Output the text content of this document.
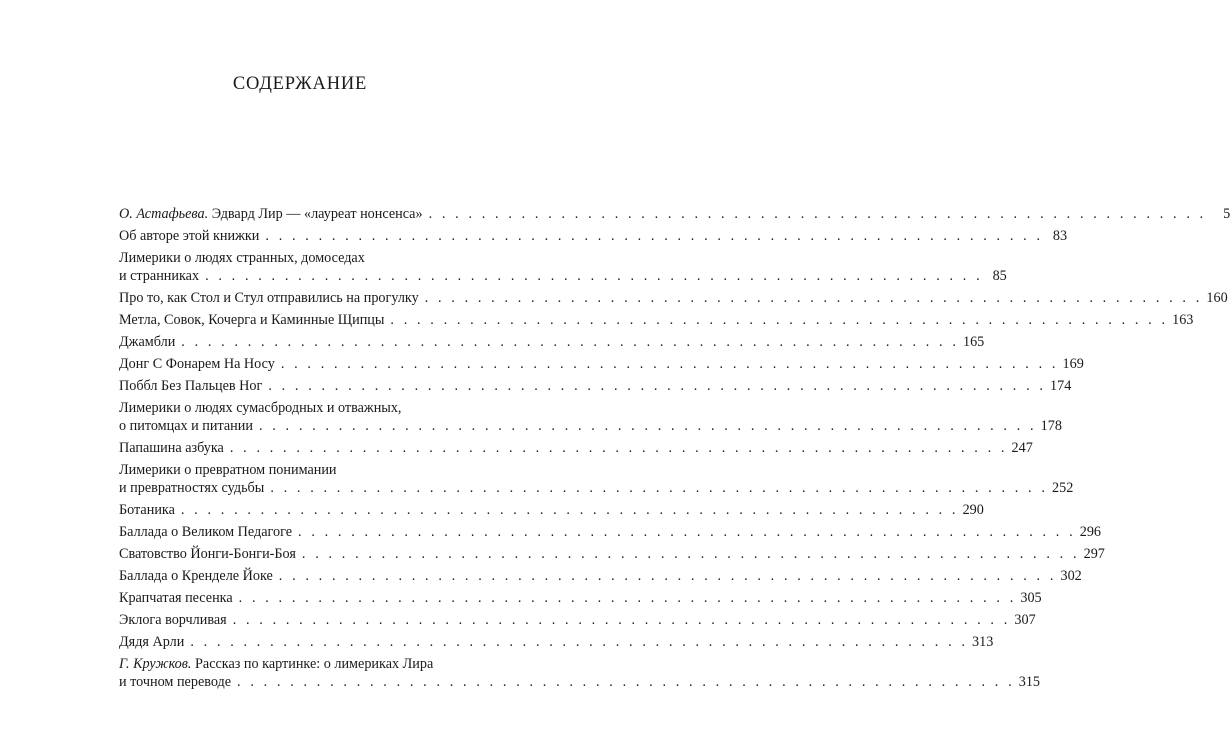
СОДЕРЖАНИЕ
О. Астафьева. Эдвард Лир — «лауреат нонсенса» . . . . . . . . . . . . . . . . . . . . . . . . . . . . . . . . . . . . . . . . . . . . . . . . . . . . . . . . . . .	5
Об авторе этой книжки . . . . . . . . . . . . . . . . . . . . . . . . . . . . . . . . . . . . . . . . . . . . . . . . . . . . . . . . . . . 83
Лимерики о людях странных, домоседах
и странниках . . . . . . . . . . . . . . . . . . . . . . . . . . . . . . . . . . . . . . . . . . . . . . . . . . . . . . . . . . . 85
Про то, как Стол и Стул отправились на прогулку . . . . . . . . . . . . . . . . . . . . . . . . . . . . . . . . . . . . . . . . . . . . . . . . . . . . . . . . . . . 160
Метла, Совок, Кочерга и Каминные Щипцы . . . . . . . . . . . . . . . . . . . . . . . . . . . . . . . . . . . . . . . . . . . . . . . . . . . . . . . . . . . 163
Джамбли . . . . . . . . . . . . . . . . . . . . . . . . . . . . . . . . . . . . . . . . . . . . . . . . . . . . . . . . . . . 165
Донг С Фонарем На Носу . . . . . . . . . . . . . . . . . . . . . . . . . . . . . . . . . . . . . . . . . . . . . . . . . . . . . . . . . . . 169
Поббл Без Пальцев Ног . . . . . . . . . . . . . . . . . . . . . . . . . . . . . . . . . . . . . . . . . . . . . . . . . . . . . . . . . . . 174
Лимерики о людях сумасбродных и отважных,
о питомцах и питании . . . . . . . . . . . . . . . . . . . . . . . . . . . . . . . . . . . . . . . . . . . . . . . . . . . . . . . . . . . 178
Папашина азбука . . . . . . . . . . . . . . . . . . . . . . . . . . . . . . . . . . . . . . . . . . . . . . . . . . . . . . . . . . . 247
Лимерики о превратном понимании
и превратностях судьбы . . . . . . . . . . . . . . . . . . . . . . . . . . . . . . . . . . . . . . . . . . . . . . . . . . . . . . . . . . . 252
Ботаника . . . . . . . . . . . . . . . . . . . . . . . . . . . . . . . . . . . . . . . . . . . . . . . . . . . . . . . . . . . 290
Баллада о Великом Педагоге . . . . . . . . . . . . . . . . . . . . . . . . . . . . . . . . . . . . . . . . . . . . . . . . . . . . . . . . . . . 296
Сватовство Йонги-Бонги-Боя . . . . . . . . . . . . . . . . . . . . . . . . . . . . . . . . . . . . . . . . . . . . . . . . . . . . . . . . . . . 297
Баллада о Кренделе Йоке . . . . . . . . . . . . . . . . . . . . . . . . . . . . . . . . . . . . . . . . . . . . . . . . . . . . . . . . . . . 302
Крапчатая песенка . . . . . . . . . . . . . . . . . . . . . . . . . . . . . . . . . . . . . . . . . . . . . . . . . . . . . . . . . . . 305
Эклога ворчливая . . . . . . . . . . . . . . . . . . . . . . . . . . . . . . . . . . . . . . . . . . . . . . . . . . . . . . . . . . . 307
Дядя Арли . . . . . . . . . . . . . . . . . . . . . . . . . . . . . . . . . . . . . . . . . . . . . . . . . . . . . . . . . . . 313
Г. Кружков. Рассказ по картинке: о лимериках Лира
и точном переводе . . . . . . . . . . . . . . . . . . . . . . . . . . . . . . . . . . . . . . . . . . . . . . . . . . . . . . . . . . . 315
